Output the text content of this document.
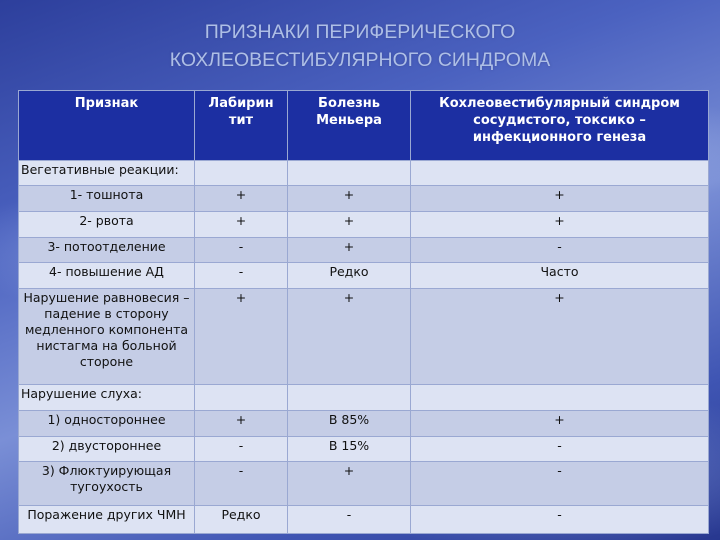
ПРИЗНАКИ ПЕРИФЕРИЧЕСКОГО
КОХЛЕОВЕСТИБУЛЯРНОГО СИНДРОМА
Признак	Лабирин тит	Болезнь Меньера	Кохлеовестибулярный синдром сосудистого, токсико – инфекционного генеза
Вегетативные реакции:			
1- тошнота	+	+	+
2- рвота	+	+	+
3- потоотделение	-	+	-
4- повышение АД	-	Редко	Часто
Нарушение равновесия – падение в сторону медленного компонента нистагма на больной стороне	+	+	+
Нарушение слуха:			
1) одностороннее	+	В 85%	+
2) двустороннее	-	В 15%	-
3) Флюктуирующая тугоухость	-	+	-
Поражение других ЧМН	Редко	-	-
